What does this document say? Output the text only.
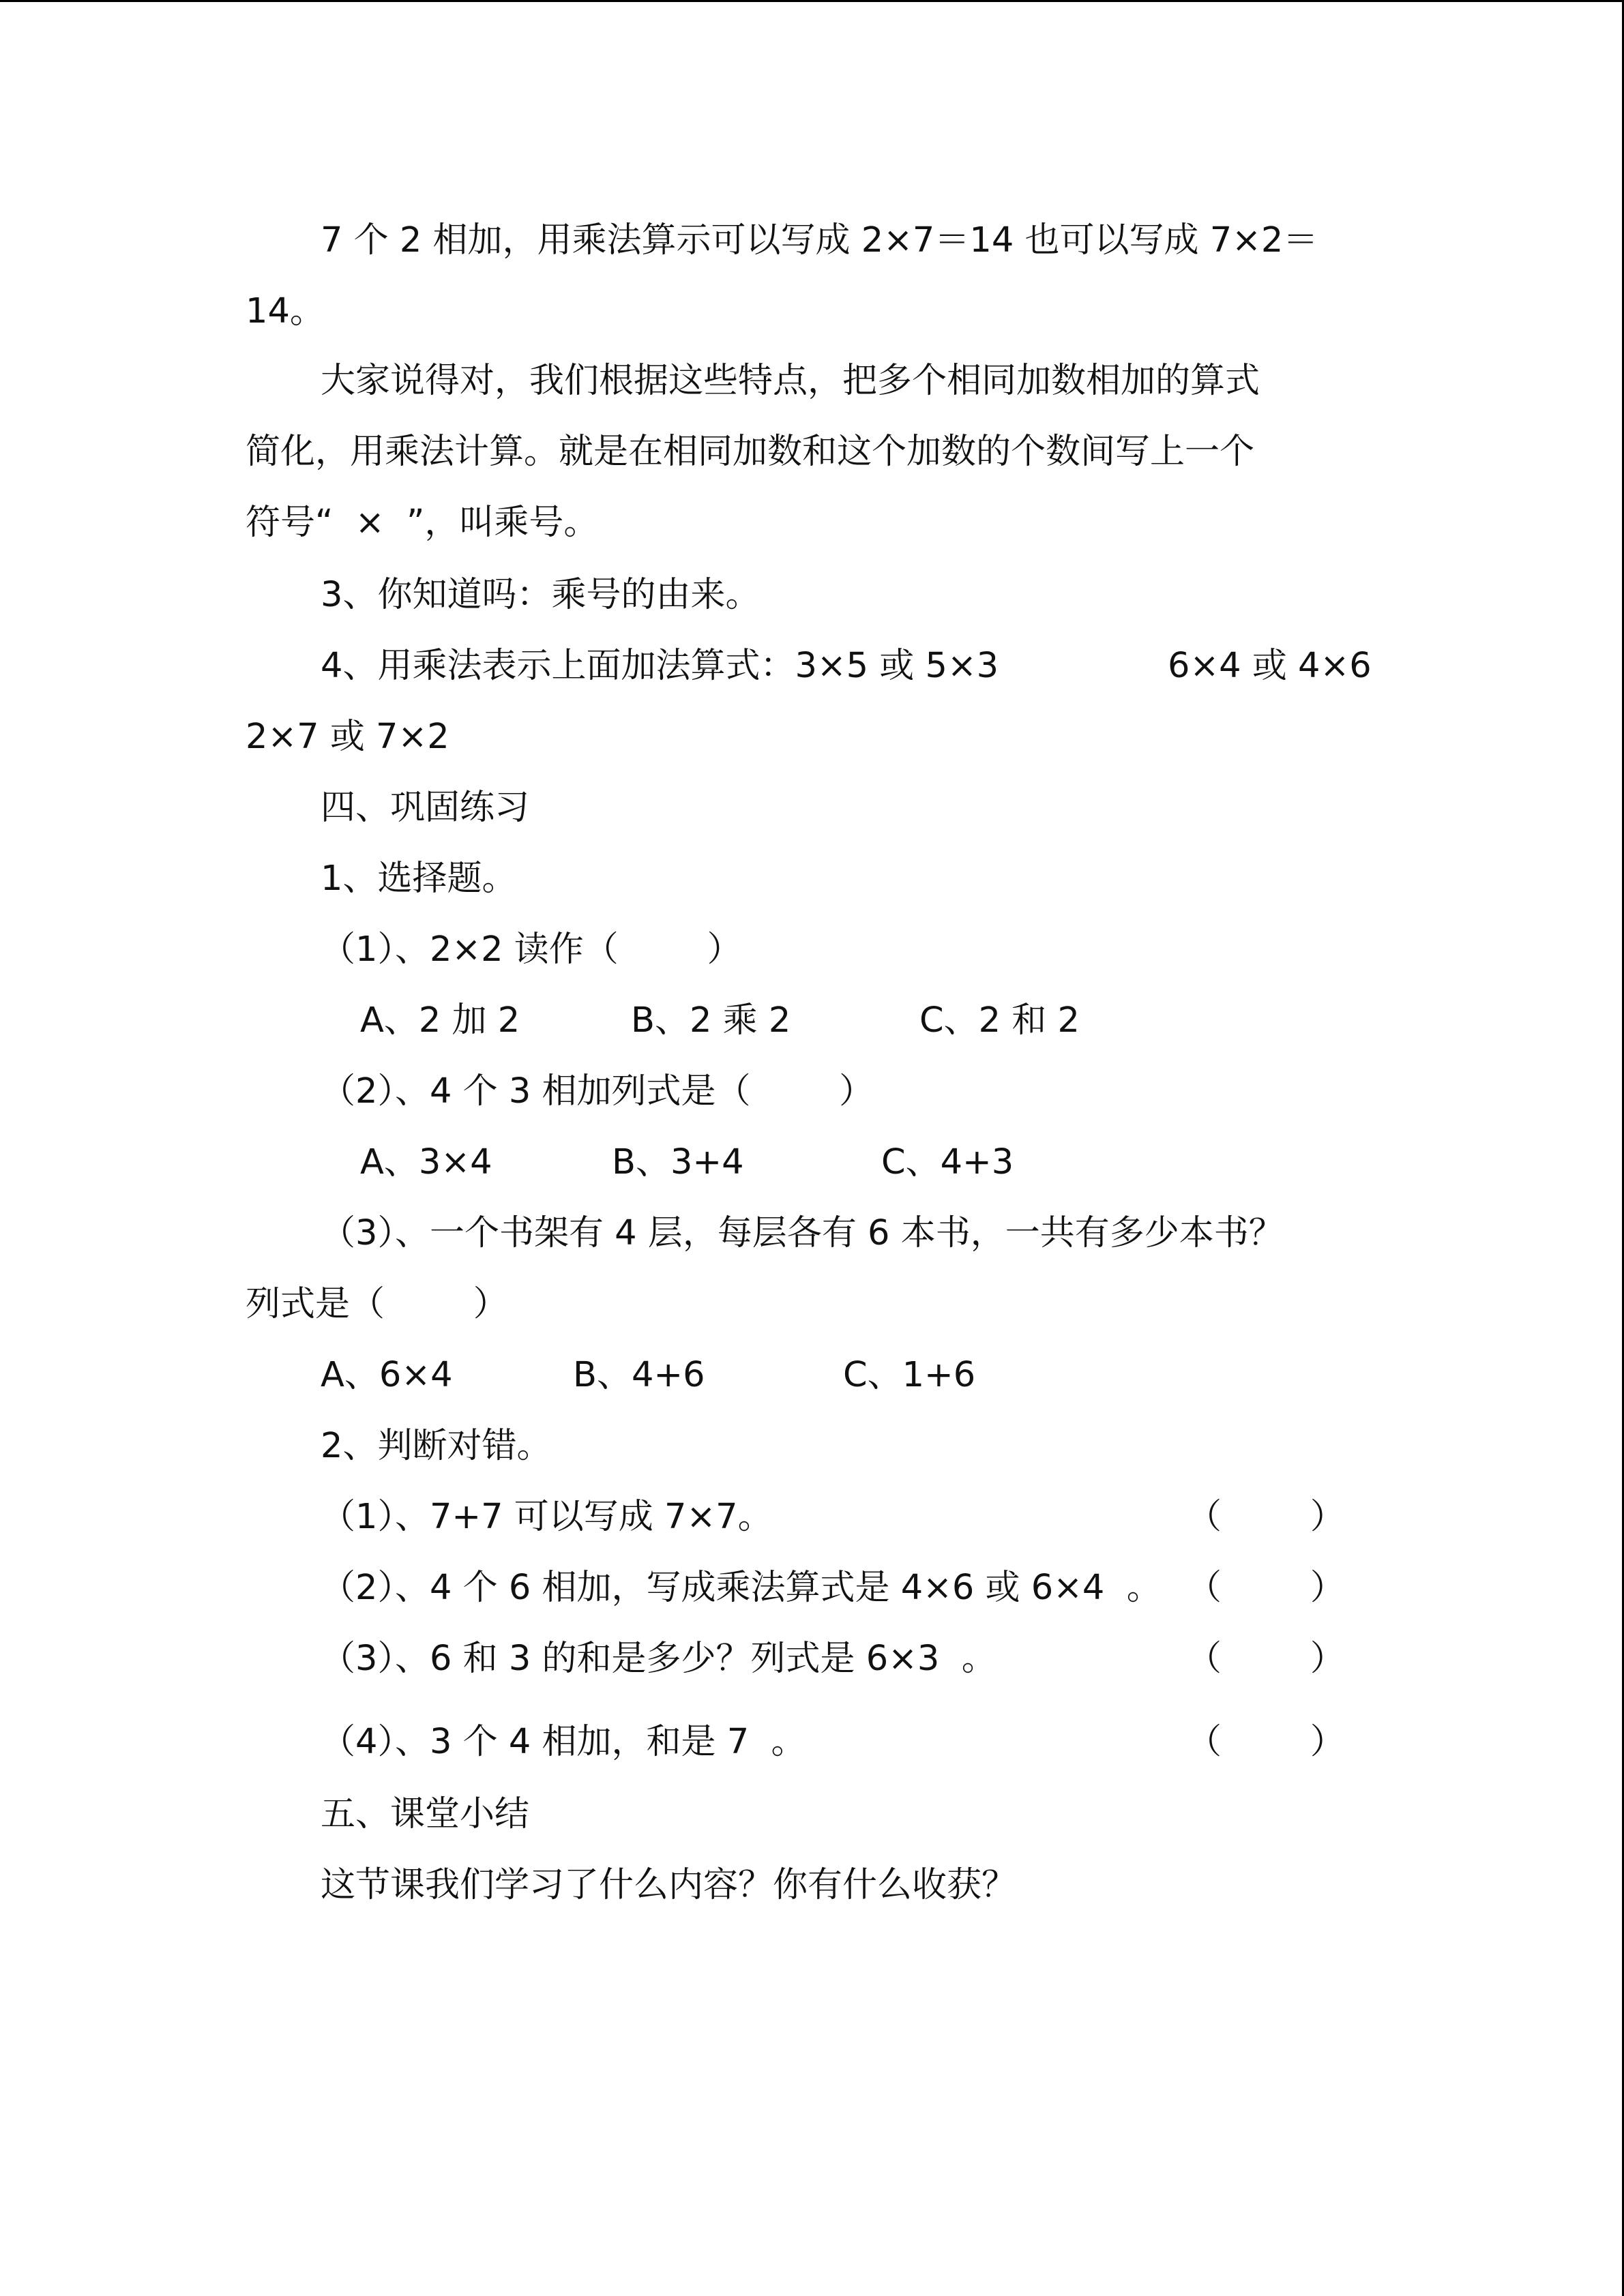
7 个 2 相加，用乘法算示可以写成 2×7＝14 也可以写成 7×2＝
14。
大家说得对，我们根据这些特点，把多个相同加数相加的算式
简化，用乘法计算。就是在相同加数和这个加数的个数间写上一个
符号“  ×  ”，叫乘号。
3、你知道吗：乘号的由来。
4、用乘法表示上面加法算式：3×5 或 5×3	6×4 或 4×6
2×7 或 7×2
四、巩固练习
1、选择题。
（1）、2×2 读作（        ）
A、2 加 2	B、2 乘 2	C、2 和 2
（2）、4 个 3 相加列式是（        ）
A、3×4	B、3+4	C、4+3
（3）、一个书架有 4 层，每层各有 6 本书，一共有多少本书？
列式是（        ）
A、6×4	B、4+6	C、1+6
2、判断对错。
（1）、7+7 可以写成 7×7。	（        ）
（2）、4 个 6 相加，写成乘法算式是 4×6 或 6×4  。 （        ）
（3）、6 和 3 的和是多少？列式是 6×3  。	（        ）
（4）、3 个 4 相加，和是 7  。	（        ）
五、课堂小结
这节课我们学习了什么内容？你有什么收获？
